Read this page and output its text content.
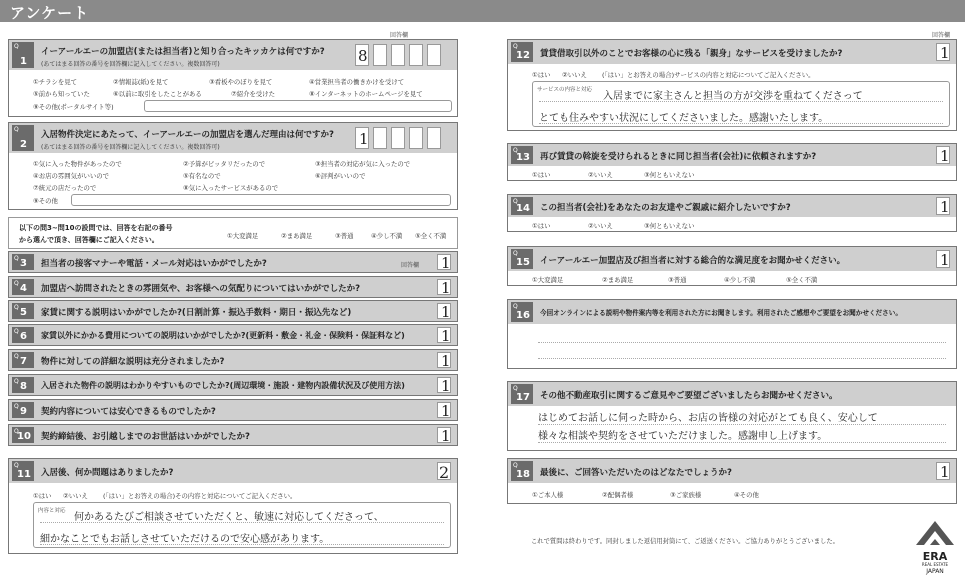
アンケート
回答欄	回答欄
Q
1
イーアールエーの加盟店(または担当者)と知り合ったキッカケは何ですか?
(あてはまる回答の番号を回答欄に記入してください。複数回答可)	8
①チラシを見て	②情報誌(紙)を見て	③看板やのぼりを見て	④営業担当者の働きかけを受けて
⑤前から知っていた	⑥以前に取引をしたことがある	⑦紹介を受けた	⑧インターネットのホームページを見て
⑨その他(ポータルサイト等)
Q
2
入居物件決定にあたって、イーアールエーの加盟店を選んだ理由は何ですか?
(あてはまる回答の番号を回答欄に記入してください。複数回答可)	1
①気に入った物件があったので	②予算がピッタリだったので	③担当者の対応が気に入ったので
④お店の雰囲気がいいので	⑤有名なので	⑥評判がいいので
⑦統元の店だったので	⑧気に入ったサービスがあるので
⑨その他
以下の問3~問10の設問では、回答を右記の番号
から選んで頂き、回答欄にご記入ください。	①大変満足	②まあ満足	③普通	④少し不満 ⑤全く不満
Q 3 担当者の接客マナーや電話・メール対応はいかがでしたか?	回答欄 1
Q 4 加盟店へ訪問されたときの雰囲気や、お客様への気配りについてはいかがでしたか?	1
Q 5 家賃に関する説明はいかがでしたか?(日割計算・振込手数料・期日・振込先など)	1
Q 6 家賃以外にかかる費用についての説明はいかがでしたか?(更新料・敷金・礼金・保険料・保証料など) 1
Q 7 物件に対しての詳細な説明は充分されましたか?	1
Q 8 入居された物件の説明はわかりやすいものでしたか?(周辺環境・施設・建物内設備状況及び使用方法) 1
Q 9 契約内容については安心できるものでしたか?	1
Q
10 契約締結後、お引越しまでのお世話はいかがでしたか?	1
Q
11 入居後、何か問題はありましたか?	2
①はい ②いいえ (「はい」とお答えの場合)その内容と対応についてご記入ください。
内容と対応
何かあるたびご相談させていただくと、敏速に対応してくださって、
細かなことでもお話しさせていただけるので安心感があります。
Q
12 賃貸借取引以外のことでお客様の心に残る「親身」なサービスを受けましたか?	1
①はい ②いいえ (「はい」とお答えの場合)サービスの内容と対応についてご記入ください。
サービスの内容と対応
入居までに家主さんと担当の方が交渉を重ねてくださって
とても住みやすい状況にしてくださいました。感謝いたします。
Q
13 再び賃貸の斡旋を受けられるときに同じ担当者(会社)に依頼されますか?	1
①はい	②いいえ	③何ともいえない
Q
14 この担当者(会社)をあなたのお友達やご親戚に紹介したいですか?	1
①はい	②いいえ	③何ともいえない
Q
15 イーアールエー加盟店及び担当者に対する総合的な満足度をお聞かせください。	1
①大変満足	②まあ満足	③普通	④少し不満	⑤全く不満
Q
16 今回オンラインによる説明や物件案内等を利用された方にお聞きします。利用されたご感想やご要望をお聞かせください。
Q
17 その他不動産取引に関するご意見やご要望ございましたらお聞かせください。
はじめてお話しに伺った時から、お店の皆様の対応がとても良く、安心して
様々な相談や契約をさせていただけました。感謝申し上げます。
Q
18 最後に、ご回答いただいたのはどなたでしょうか?	1
①ご本人様	②配偶者様	③ご家族様	④その他
これで質問は終わりです。同封しました返信用封筒にて、ご返送ください。ご協力ありがとうございました。
ERA
REAL ESTATE
JAPAN
